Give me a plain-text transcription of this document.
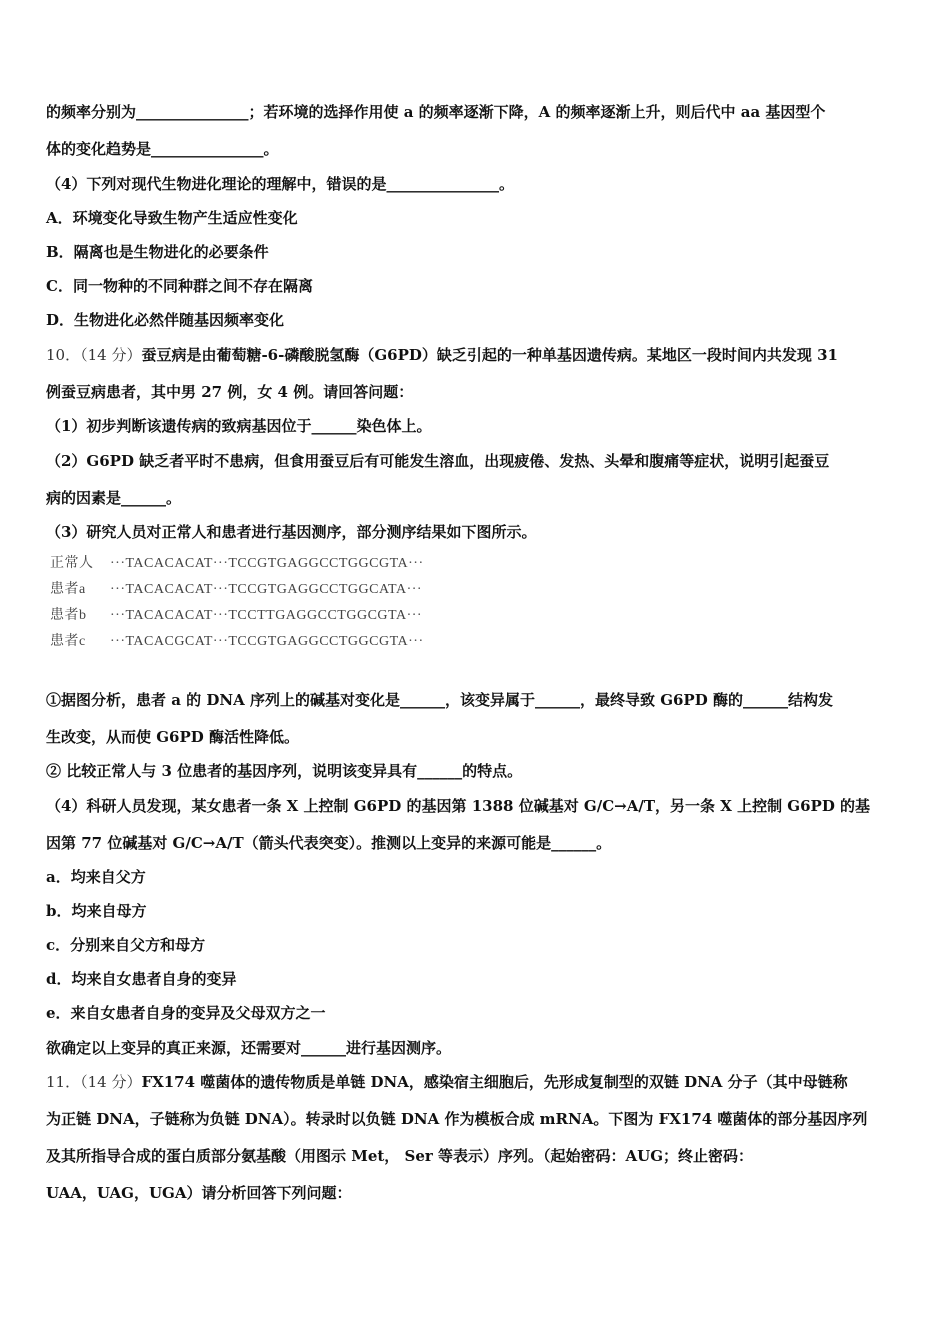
的频率分别为_______________；若环境的选择作用使 a 的频率逐渐下降，A 的频率逐渐上升，则后代中 aa 基因型个
体的变化趋势是_______________。
（4）下列对现代生物进化理论的理解中，错误的是_______________。
A．环境变化导致生物产生适应性变化
B．隔离也是生物进化的必要条件
C．同一物种的不同种群之间不存在隔离
D．生物进化必然伴随基因频率变化
10．（14 分）蚕豆病是由葡萄糖-6-磷酸脱氢酶（G6PD）缺乏引起的一种单基因遗传病。某地区一段时间内共发现 31
例蚕豆病患者，其中男 27 例，女 4 例。请回答问题：
（1）初步判断该遗传病的致病基因位于______染色体上。
（2）G6PD 缺乏者平时不患病，但食用蚕豆后有可能发生溶血，出现疲倦、发热、头晕和腹痛等症状，说明引起蚕豆
病的因素是______。
（3）研究人员对正常人和患者进行基因测序，部分测序结果如下图所示。
正常人 ···TACACACAT···TCCGTGAGGCCTGGCGTA···
患者a ···TACACACAT···TCCGTGAGGCCTGGCATA···
患者b ···TACACACAT···TCCTTGAGGCCTGGCGTA···
患者c ···TACACGCAT···TCCGTGAGGCCTGGCGTA···
①据图分析，患者 a 的 DNA 序列上的碱基对变化是______，该变异属于______，最终导致 G6PD 酶的______结构发
生改变，从而使 G6PD 酶活性降低。
② 比较正常人与 3 位患者的基因序列，说明该变异具有______的特点。
（4）科研人员发现，某女患者一条 X 上控制 G6PD 的基因第 1388 位碱基对 G/C→A/T，另一条 X 上控制 G6PD 的基
因第 77 位碱基对 G/C→A/T（箭头代表突变）。推测以上变异的来源可能是______。
a．均来自父方
b．均来自母方
c．分别来自父方和母方
d．均来自女患者自身的变异
e．来自女患者自身的变异及父母双方之一
欲确定以上变异的真正来源，还需要对______进行基因测序。
11．（14 分）FX174 噬菌体的遗传物质是单链 DNA，感染宿主细胞后，先形成复制型的双链 DNA 分子（其中母链称
为正链 DNA，子链称为负链 DNA）。转录时以负链 DNA 作为模板合成 mRNA。下图为 FX174 噬菌体的部分基因序列
及其所指导合成的蛋白质部分氨基酸（用图示 Met， Ser 等表示）序列。（起始密码：AUG；终止密码：
UAA，UAG，UGA）请分析回答下列问题：
